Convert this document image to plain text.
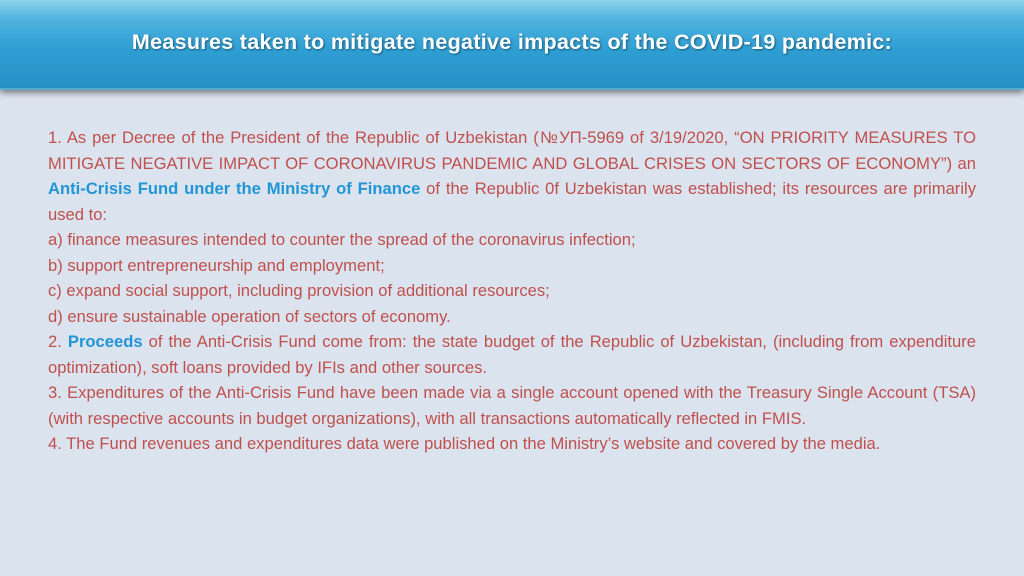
Measures taken to mitigate negative impacts of the COVID-19 pandemic:

1. As per Decree of the President of the Republic of Uzbekistan (№УП-5969 of 3/19/2020, “ON PRIORITY MEASURES TO MITIGATE NEGATIVE IMPACT OF CORONAVIRUS PANDEMIC AND GLOBAL CRISES ON SECTORS OF ECONOMY”) an Anti-Crisis Fund under the Ministry of Finance of the Republic 0f Uzbekistan was established; its resources are primarily used to:

a) finance measures intended to counter the spread of the coronavirus infection;

b) support entrepreneurship and employment;

c) expand social support, including provision of additional resources;

d) ensure sustainable operation of sectors of economy.

2. Proceeds of the Anti-Crisis Fund come from: the state budget of the Republic of Uzbekistan, (including from expenditure optimization), soft loans provided by IFIs and other sources.

3. Expenditures of the Anti-Crisis Fund have been made via a single account opened with the Treasury Single Account (TSA) (with respective accounts in budget organizations), with all transactions automatically reflected in FMIS.

4. The Fund revenues and expenditures data were published on the Ministry’s website and covered by the media.
